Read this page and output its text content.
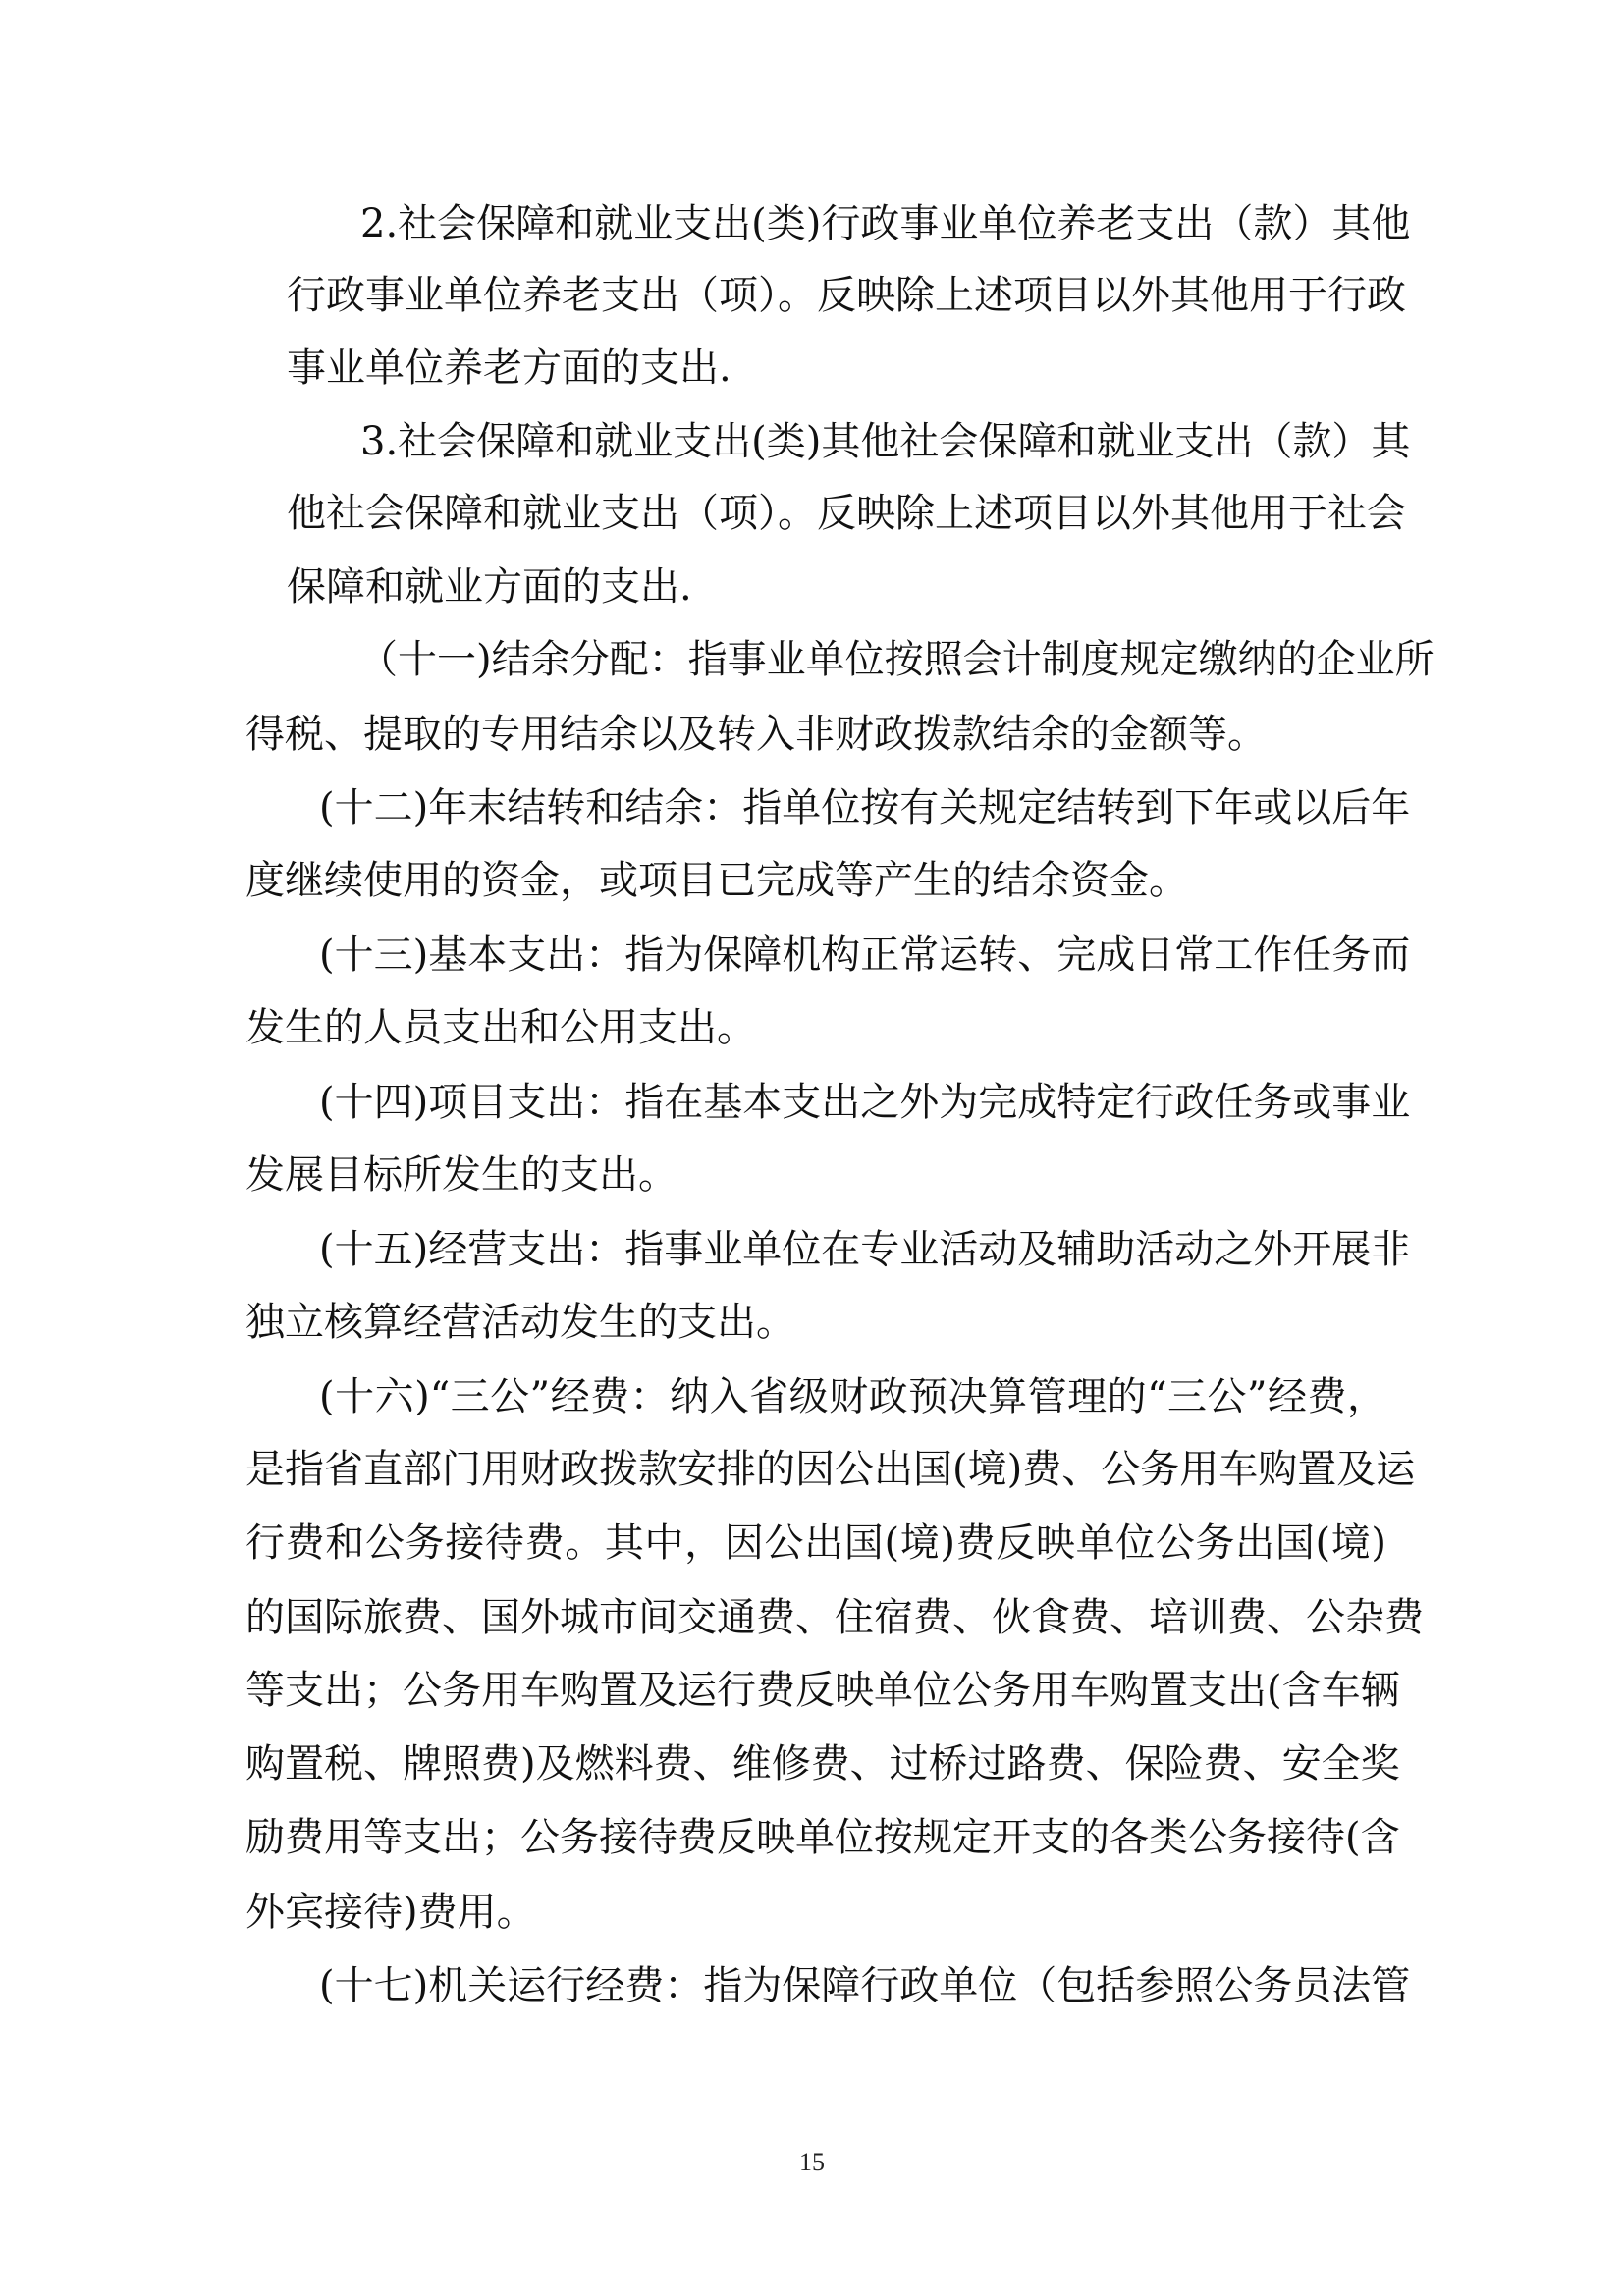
2.社会保障和就业支出(类)行政事业单位养老支出（款）其他

行政事业单位养老支出（项）。反映除上述项目以外其他用于行政

事业单位养老方面的支出.

3.社会保障和就业支出(类)其他社会保障和就业支出（款）其

他社会保障和就业支出（项）。反映除上述项目以外其他用于社会

保障和就业方面的支出.

（十一)结余分配：指事业单位按照会计制度规定缴纳的企业所

得税、提取的专用结余以及转入非财政拨款结余的金额等。

(十二)年末结转和结余：指单位按有关规定结转到下年或以后年

度继续使用的资金，或项目已完成等产生的结余资金。

(十三)基本支出：指为保障机构正常运转、完成日常工作任务而

发生的人员支出和公用支出。

(十四)项目支出：指在基本支出之外为完成特定行政任务或事业

发展目标所发生的支出。

(十五)经营支出：指事业单位在专业活动及辅助活动之外开展非

独立核算经营活动发生的支出。

(十六)“三公”经费：纳入省级财政预决算管理的“三公”经费，

是指省直部门用财政拨款安排的因公出国(境)费、公务用车购置及运

行费和公务接待费。其中，因公出国(境)费反映单位公务出国(境)

的国际旅费、国外城市间交通费、住宿费、伙食费、培训费、公杂费

等支出；公务用车购置及运行费反映单位公务用车购置支出(含车辆

购置税、牌照费)及燃料费、维修费、过桥过路费、保险费、安全奖

励费用等支出；公务接待费反映单位按规定开支的各类公务接待(含

外宾接待)费用。

(十七)机关运行经费：指为保障行政单位（包括参照公务员法管

15
